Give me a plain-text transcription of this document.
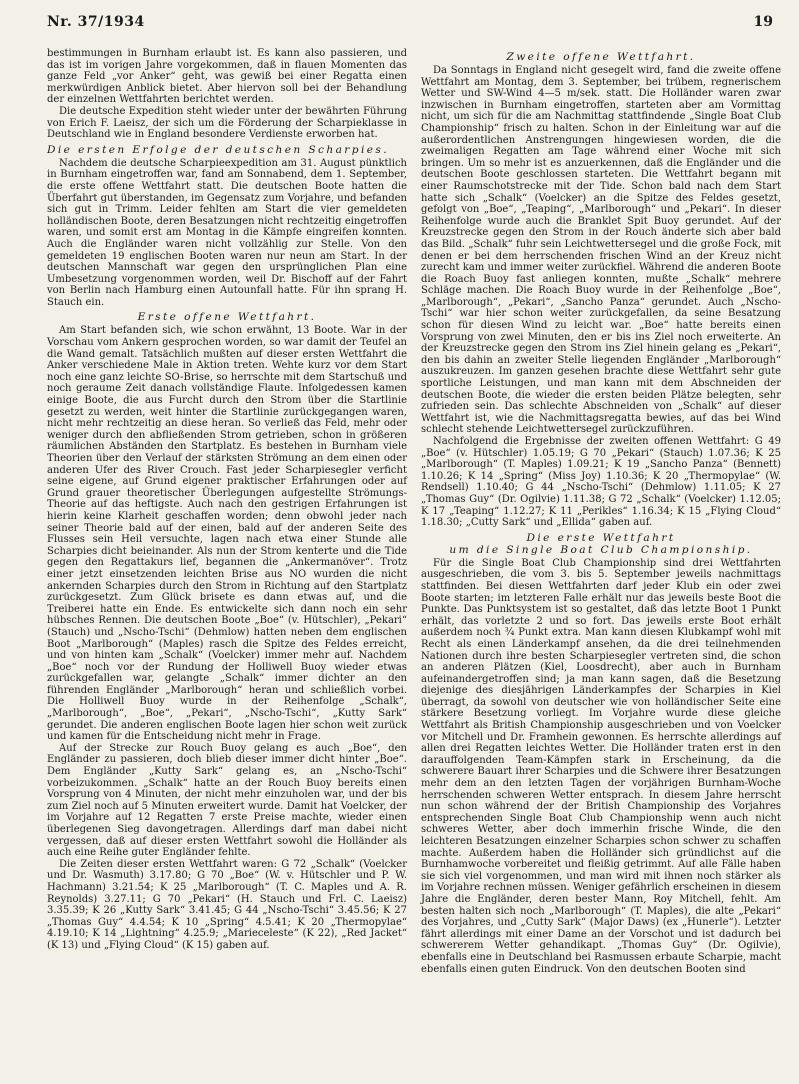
Nr. 37/1934	19

bestimmungen in Burnham erlaubt ist. Es kann also passieren, und das ist im vorigen Jahre vorgekommen, daß in flauen Momenten das ganze Feld „vor Anker“ geht, was gewiß bei einer Regatta einen merkwürdigen Anblick bietet. Aber hiervon soll bei der Behandlung der einzelnen Wettfahrten berichtet werden.

Die deutsche Expedition steht wieder unter der bewährten Führung von Erich F. Laeisz, der sich um die Förderung der Scharpieklasse in Deutschland wie in England besondere Verdienste erworben hat.

Die ersten Erfolge der deutschen Scharpies.

Nachdem die deutsche Scharpieexpedition am 31. August pünktlich in Burnham eingetroffen war, fand am Sonnabend, dem 1. September, die erste offene Wettfahrt statt. Die deutschen Boote hatten die Überfahrt gut überstanden, im Gegensatz zum Vorjahre, und befanden sich gut in Trimm. Leider fehlten am Start die vier gemeldeten holländischen Boote, deren Besatzungen nicht rechtzeitig eingetroffen waren, und somit erst am Montag in die Kämpfe eingreifen konnten. Auch die Engländer waren nicht vollzählig zur Stelle. Von den gemeldeten 19 englischen Booten waren nur neun am Start. In der deutschen Mannschaft war gegen den ursprünglichen Plan eine Umbesetzung vorgenommen worden, weil Dr. Bischoff auf der Fahrt von Berlin nach Hamburg einen Autounfall hatte. Für ihn sprang H. Stauch ein.

Erste offene Wettfahrt.

Am Start befanden sich, wie schon erwähnt, 13 Boote. War in der Vorschau vom Ankern gesprochen worden, so war damit der Teufel an die Wand gemalt. Tatsächlich mußten auf dieser ersten Wettfahrt die Anker verschiedene Male in Aktion treten. Wehte kurz vor dem Start noch eine ganz leichte SO-Brise, so herrschte mit dem Startschuß und noch geraume Zeit danach vollständige Flaute. Infolgedessen kamen einige Boote, die aus Furcht durch den Strom über die Startlinie gesetzt zu werden, weit hinter die Startlinie zurückgegangen waren, nicht mehr rechtzeitig an diese heran. So verließ das Feld, mehr oder weniger durch den abfließenden Strom getrieben, schon in größeren räumlichen Abständen den Startplatz. Es bestehen in Burnham viele Theorien über den Verlauf der stärksten Strömung an dem einen oder anderen Ufer des River Crouch. Fast jeder Scharpiesegler verficht seine eigene, auf Grund eigener praktischer Erfahrungen oder auf Grund grauer theoretischer Überlegungen aufgestellte Strömungs-Theorie auf das heftigste. Auch nach den gestrigen Erfahrungen ist hierin keine Klarheit geschaffen worden; denn obwohl jeder nach seiner Theorie bald auf der einen, bald auf der anderen Seite des Flusses sein Heil versuchte, lagen nach etwa einer Stunde alle Scharpies dicht beieinander. Als nun der Strom kenterte und die Tide gegen den Regattakurs lief, begannen die „Ankermanöver“. Trotz einer jetzt einsetzenden leichten Brise aus NO wurden die nicht ankernden Scharpies durch den Strom in Richtung auf den Startplatz zurückgesetzt. Zum Glück brisete es dann etwas auf, und die Treiberei hatte ein Ende. Es entwickelte sich dann noch ein sehr hübsches Rennen. Die deutschen Boote „Boe“ (v. Hütschler), „Pekari“ (Stauch) und „Nscho-Tschi“ (Dehmlow) hatten neben dem englischen Boot „Marlborough“ (Maples) rasch die Spitze des Feldes erreicht, und von hinten kam „Schalk“ (Voelcker) immer mehr auf. Nachdem „Boe“ noch vor der Rundung der Holliwell Buoy wieder etwas zurückgefallen war, gelangte „Schalk“ immer dichter an den führenden Engländer „Marlborough“ heran und schließlich vorbei. Die Holliwell Buoy wurde in der Reihenfolge „Schalk“, „Marlborough“, „Boe“, „Pekari“, „Nscho-Tschi“, „Kutty Sark“ gerundet. Die anderen englischen Boote lagen hier schon weit zurück und kamen für die Entscheidung nicht mehr in Frage.

Auf der Strecke zur Rouch Buoy gelang es auch „Boe“, den Engländer zu passieren, doch blieb dieser immer dicht hinter „Boe“. Dem Engländer „Kutty Sark“ gelang es, an „Nscho-Tschi“ vorbeizukommen. „Schalk“ hatte an der Rouch Buoy bereits einen Vorsprung von 4 Minuten, der nicht mehr einzuholen war, und der bis zum Ziel noch auf 5 Minuten erweitert wurde. Damit hat Voelcker, der im Vorjahre auf 12 Regatten 7 erste Preise machte, wieder einen überlegenen Sieg davongetragen. Allerdings darf man dabei nicht vergessen, daß auf dieser ersten Wettfahrt sowohl die Holländer als auch eine Reihe guter Engländer fehlte.

Die Zeiten dieser ersten Wettfahrt waren: G 72 „Schalk“ (Voelcker und Dr. Wasmuth) 3.17.80; G 70 „Boe“ (W. v. Hütschler und P. W. Hachmann) 3.21.54; K 25 „Marlborough“ (T. C. Maples und A. R. Reynolds) 3.27.11; G 70 „Pekari“ (H. Stauch und Frl. C. Laeisz) 3.35.39; K 26 „Kutty Sark“ 3.41.45; G 44 „Nscho-Tschi“ 3.45.56; K 27 „Thomas Guy“ 4.4.54; K 10 „Spring“ 4.5.41; K 20 „Thermopylae“ 4.19.10; K 14 „Lightning“ 4.25.9; „Marieceleste“ (K 22), „Red Jacket“ (K 13) und „Flying Cloud“ (K 15) gaben auf.

Zweite offene Wettfahrt.

Da Sonntags in England nicht gesegelt wird, fand die zweite offene Wettfahrt am Montag, dem 3. September, bei trübem, regnerischem Wetter und SW-Wind 4—5 m/sek. statt. Die Holländer waren zwar inzwischen in Burnham eingetroffen, starteten aber am Vormittag nicht, um sich für die am Nachmittag stattfindende „Single Boat Club Championship“ frisch zu halten. Schon in der Einleitung war auf die außerordentlichen Anstrengungen hingewiesen worden, die die zweimaligen Regatten am Tage während einer Woche mit sich bringen. Um so mehr ist es anzuerkennen, daß die Engländer und die deutschen Boote geschlossen starteten. Die Wettfahrt begann mit einer Raumschotstrecke mit der Tide. Schon bald nach dem Start hatte sich „Schalk“ (Voelcker) an die Spitze des Feldes gesetzt, gefolgt von „Boe“, „Teaping“, „Marlborough“ und „Pekari“. In dieser Reihenfolge wurde auch die Branklet Spit Buoy gerundet. Auf der Kreuzstrecke gegen den Strom in der Rouch änderte sich aber bald das Bild. „Schalk“ fuhr sein Leichtwettersegel und die große Fock, mit denen er bei dem herrschenden frischen Wind an der Kreuz nicht zurecht kam und immer weiter zurückfiel. Während die anderen Boote die Roach Buoy fast anliegen konnten, mußte „Schalk“ mehrere Schläge machen. Die Roach Buoy wurde in der Reihenfolge „Boe“, „Marlborough“, „Pekari“, „Sancho Panza“ gerundet. Auch „Nscho-Tschi“ war hier schon weiter zurückgefallen, da seine Besatzung schon für diesen Wind zu leicht war. „Boe“ hatte bereits einen Vorsprung von zwei Minuten, den er bis ins Ziel noch erweiterte. An der Kreuzstrecke gegen den Strom ins Ziel hinein gelang es „Pekari“, den bis dahin an zweiter Stelle liegenden Engländer „Marlborough“ auszukreuzen. Im ganzen gesehen brachte diese Wettfahrt sehr gute sportliche Leistungen, und man kann mit dem Abschneiden der deutschen Boote, die wieder die ersten beiden Plätze belegten, sehr zufrieden sein. Das schlechte Abschneiden von „Schalk“ auf dieser Wettfahrt ist, wie die Nachmittagsregatta bewies, auf das bei Wind schlecht stehende Leichtwettersegel zurückzuführen.

Nachfolgend die Ergebnisse der zweiten offenen Wettfahrt: G 49 „Boe“ (v. Hütschler) 1.05.19; G 70 „Pekari“ (Stauch) 1.07.36; K 25 „Marlborough“ (T. Maples) 1.09.21; K 19 „Sancho Panza“ (Bennett) 1.10.26; K 14 „Spring“ (Miss Joy) 1.10.36; K 20 „Thermopylae“ (W. Rendsell) 1.10.40; G 44 „Nscho-Tschi“ (Dehmlow) 1.11.05; K 27 „Thomas Guy“ (Dr. Ogilvie) 1.11.38; G 72 „Schalk“ (Voelcker) 1.12.05; K 17 „Teaping“ 1.12.27; K 11 „Perikles“ 1.16.34; K 15 „Flying Cloud“ 1.18.30; „Cutty Sark“ und „Ellida“ gaben auf.

Die erste Wettfahrt
um die Single Boat Club Championship.

Für die Single Boat Club Championship sind drei Wettfahrten ausgeschrieben, die vom 3. bis 5. September jeweils nachmittags stattfinden. Bei diesen Wettfahrten darf jeder Klub ein oder zwei Boote starten; im letzteren Falle erhält nur das jeweils beste Boot die Punkte. Das Punktsystem ist so gestaltet, daß das letzte Boot 1 Punkt erhält, das vorletzte 2 und so fort. Das jeweils erste Boot erhält außerdem noch ¾ Punkt extra. Man kann diesen Klubkampf wohl mit Recht als einen Länderkampf ansehen, da die drei teilnehmenden Nationen durch ihre besten Scharpiesegler vertreten sind, die schon an anderen Plätzen (Kiel, Loosdrecht), aber auch in Burnham aufeinandergetroffen sind; ja man kann sagen, daß die Besetzung diejenige des diesjährigen Länderkampfes der Scharpies in Kiel überragt, da sowohl von deutscher wie von holländischer Seite eine stärkere Besetzung vorliegt. Im Vorjahre wurde diese gleiche Wettfahrt als British Championship ausgeschrieben und von Voelcker vor Mitchell und Dr. Framhein gewonnen. Es herrschte allerdings auf allen drei Regatten leichtes Wetter. Die Holländer traten erst in den darauffolgenden Team-Kämpfen stark in Erscheinung, da die schwerere Bauart ihrer Scharpies und die Schwere ihrer Besatzungen mehr dem an den letzten Tagen der vorjährigen Burnham-Woche herrschenden schweren Wetter entsprach. In diesem Jahre herrscht nun schon während der der British Championship des Vorjahres entsprechenden Single Boat Club Championship wenn auch nicht schweres Wetter, aber doch immerhin frische Winde, die den leichteren Besatzungen einzelner Scharpies schon schwer zu schaffen machte. Außerdem haben die Holländer sich gründlichst auf die Burnhamwoche vorbereitet und fleißig getrimmt. Auf alle Fälle haben sie sich viel vorgenommen, und man wird mit ihnen noch stärker als im Vorjahre rechnen müssen. Weniger gefährlich erscheinen in diesem Jahre die Engländer, deren bester Mann, Roy Mitchell, fehlt. Am besten halten sich noch „Marlborough“ (T. Maples), die alte „Pekari“ des Vorjahres, und „Cutty Sark“ (Major Daws) (ex „Hunerle“). Letzter fährt allerdings mit einer Dame an der Vorschot und ist dadurch bei schwererem Wetter gehandikapt. „Thomas Guy“ (Dr. Ogilvie), ebenfalls eine in Deutschland bei Rasmussen erbaute Scharpie, macht ebenfalls einen guten Eindruck. Von den deutschen Booten sind
